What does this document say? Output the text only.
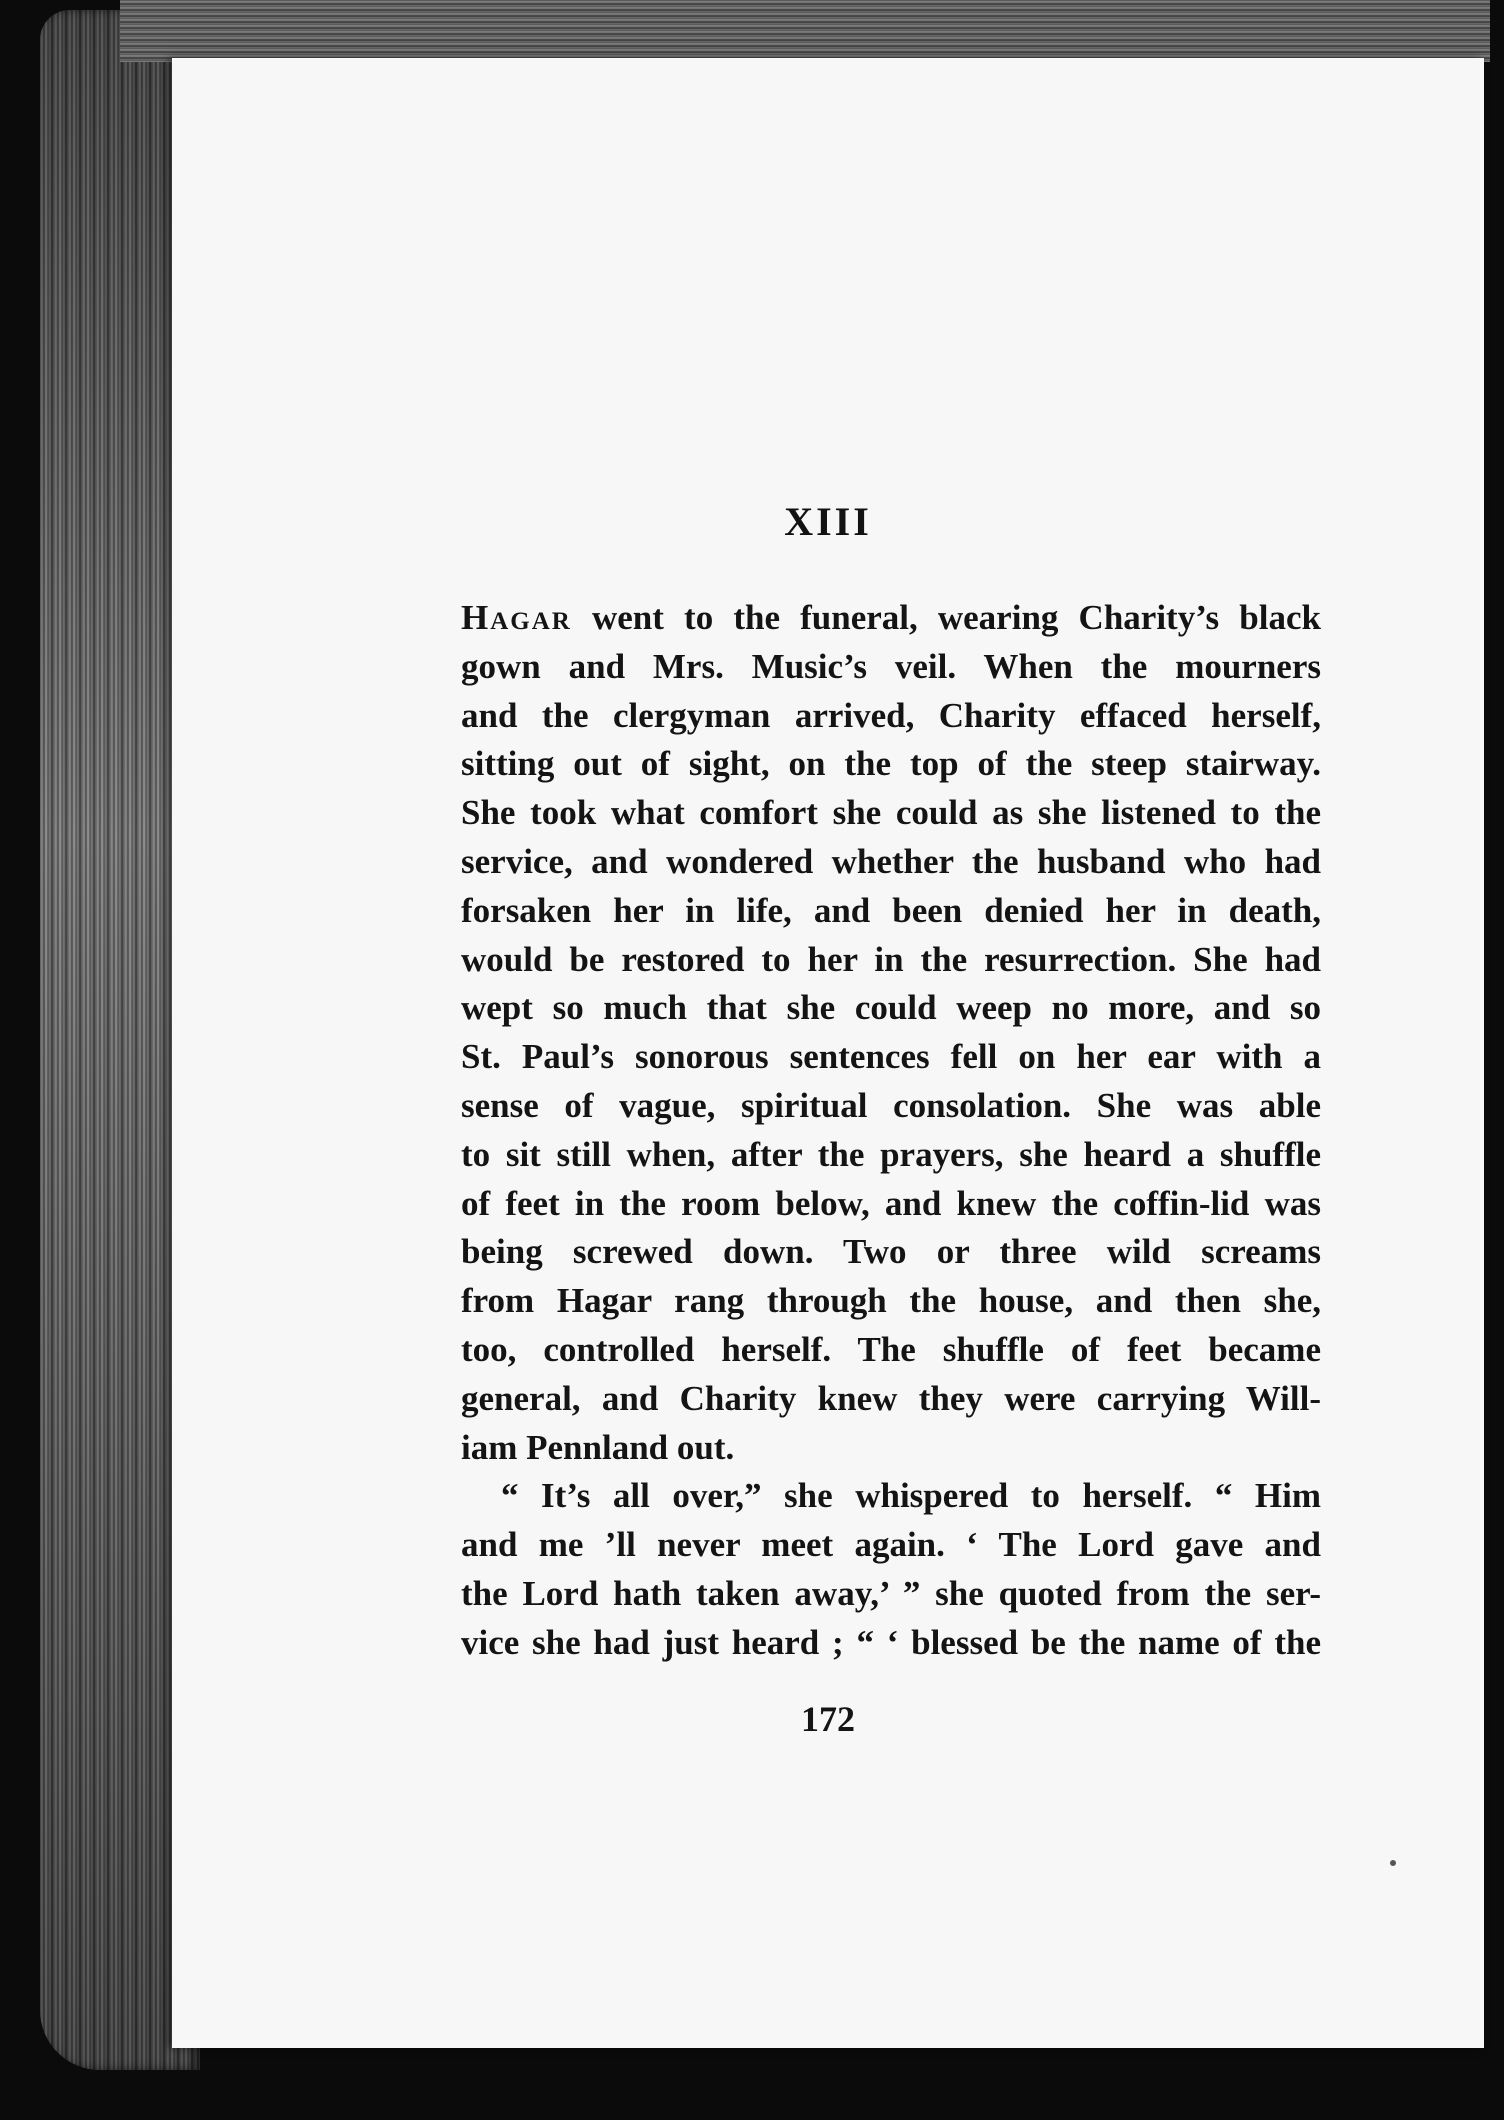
XIII
Hagar went to the funeral, wearing Charity’s black
gown and Mrs. Music’s veil. When the mourners
and the clergyman arrived, Charity effaced herself,
sitting out of sight, on the top of the steep stairway.
She took what comfort she could as she listened to the
service, and wondered whether the husband who had
forsaken her in life, and been denied her in death,
would be restored to her in the resurrection. She had
wept so much that she could weep no more, and so
St. Paul’s sonorous sentences fell on her ear with a
sense of vague, spiritual consolation. She was able
to sit still when, after the prayers, she heard a shuffle
of feet in the room below, and knew the coffin-lid was
being screwed down. Two or three wild screams
from Hagar rang through the house, and then she,
too, controlled herself. The shuffle of feet became
general, and Charity knew they were carrying Will-
iam Pennland out.
“ It’s all over,” she whispered to herself. “ Him
and me ’ll never meet again. ‘ The Lord gave and
the Lord hath taken away,’ ” she quoted from the ser-
vice she had just heard ; “ ‘ blessed be the name of the
172
